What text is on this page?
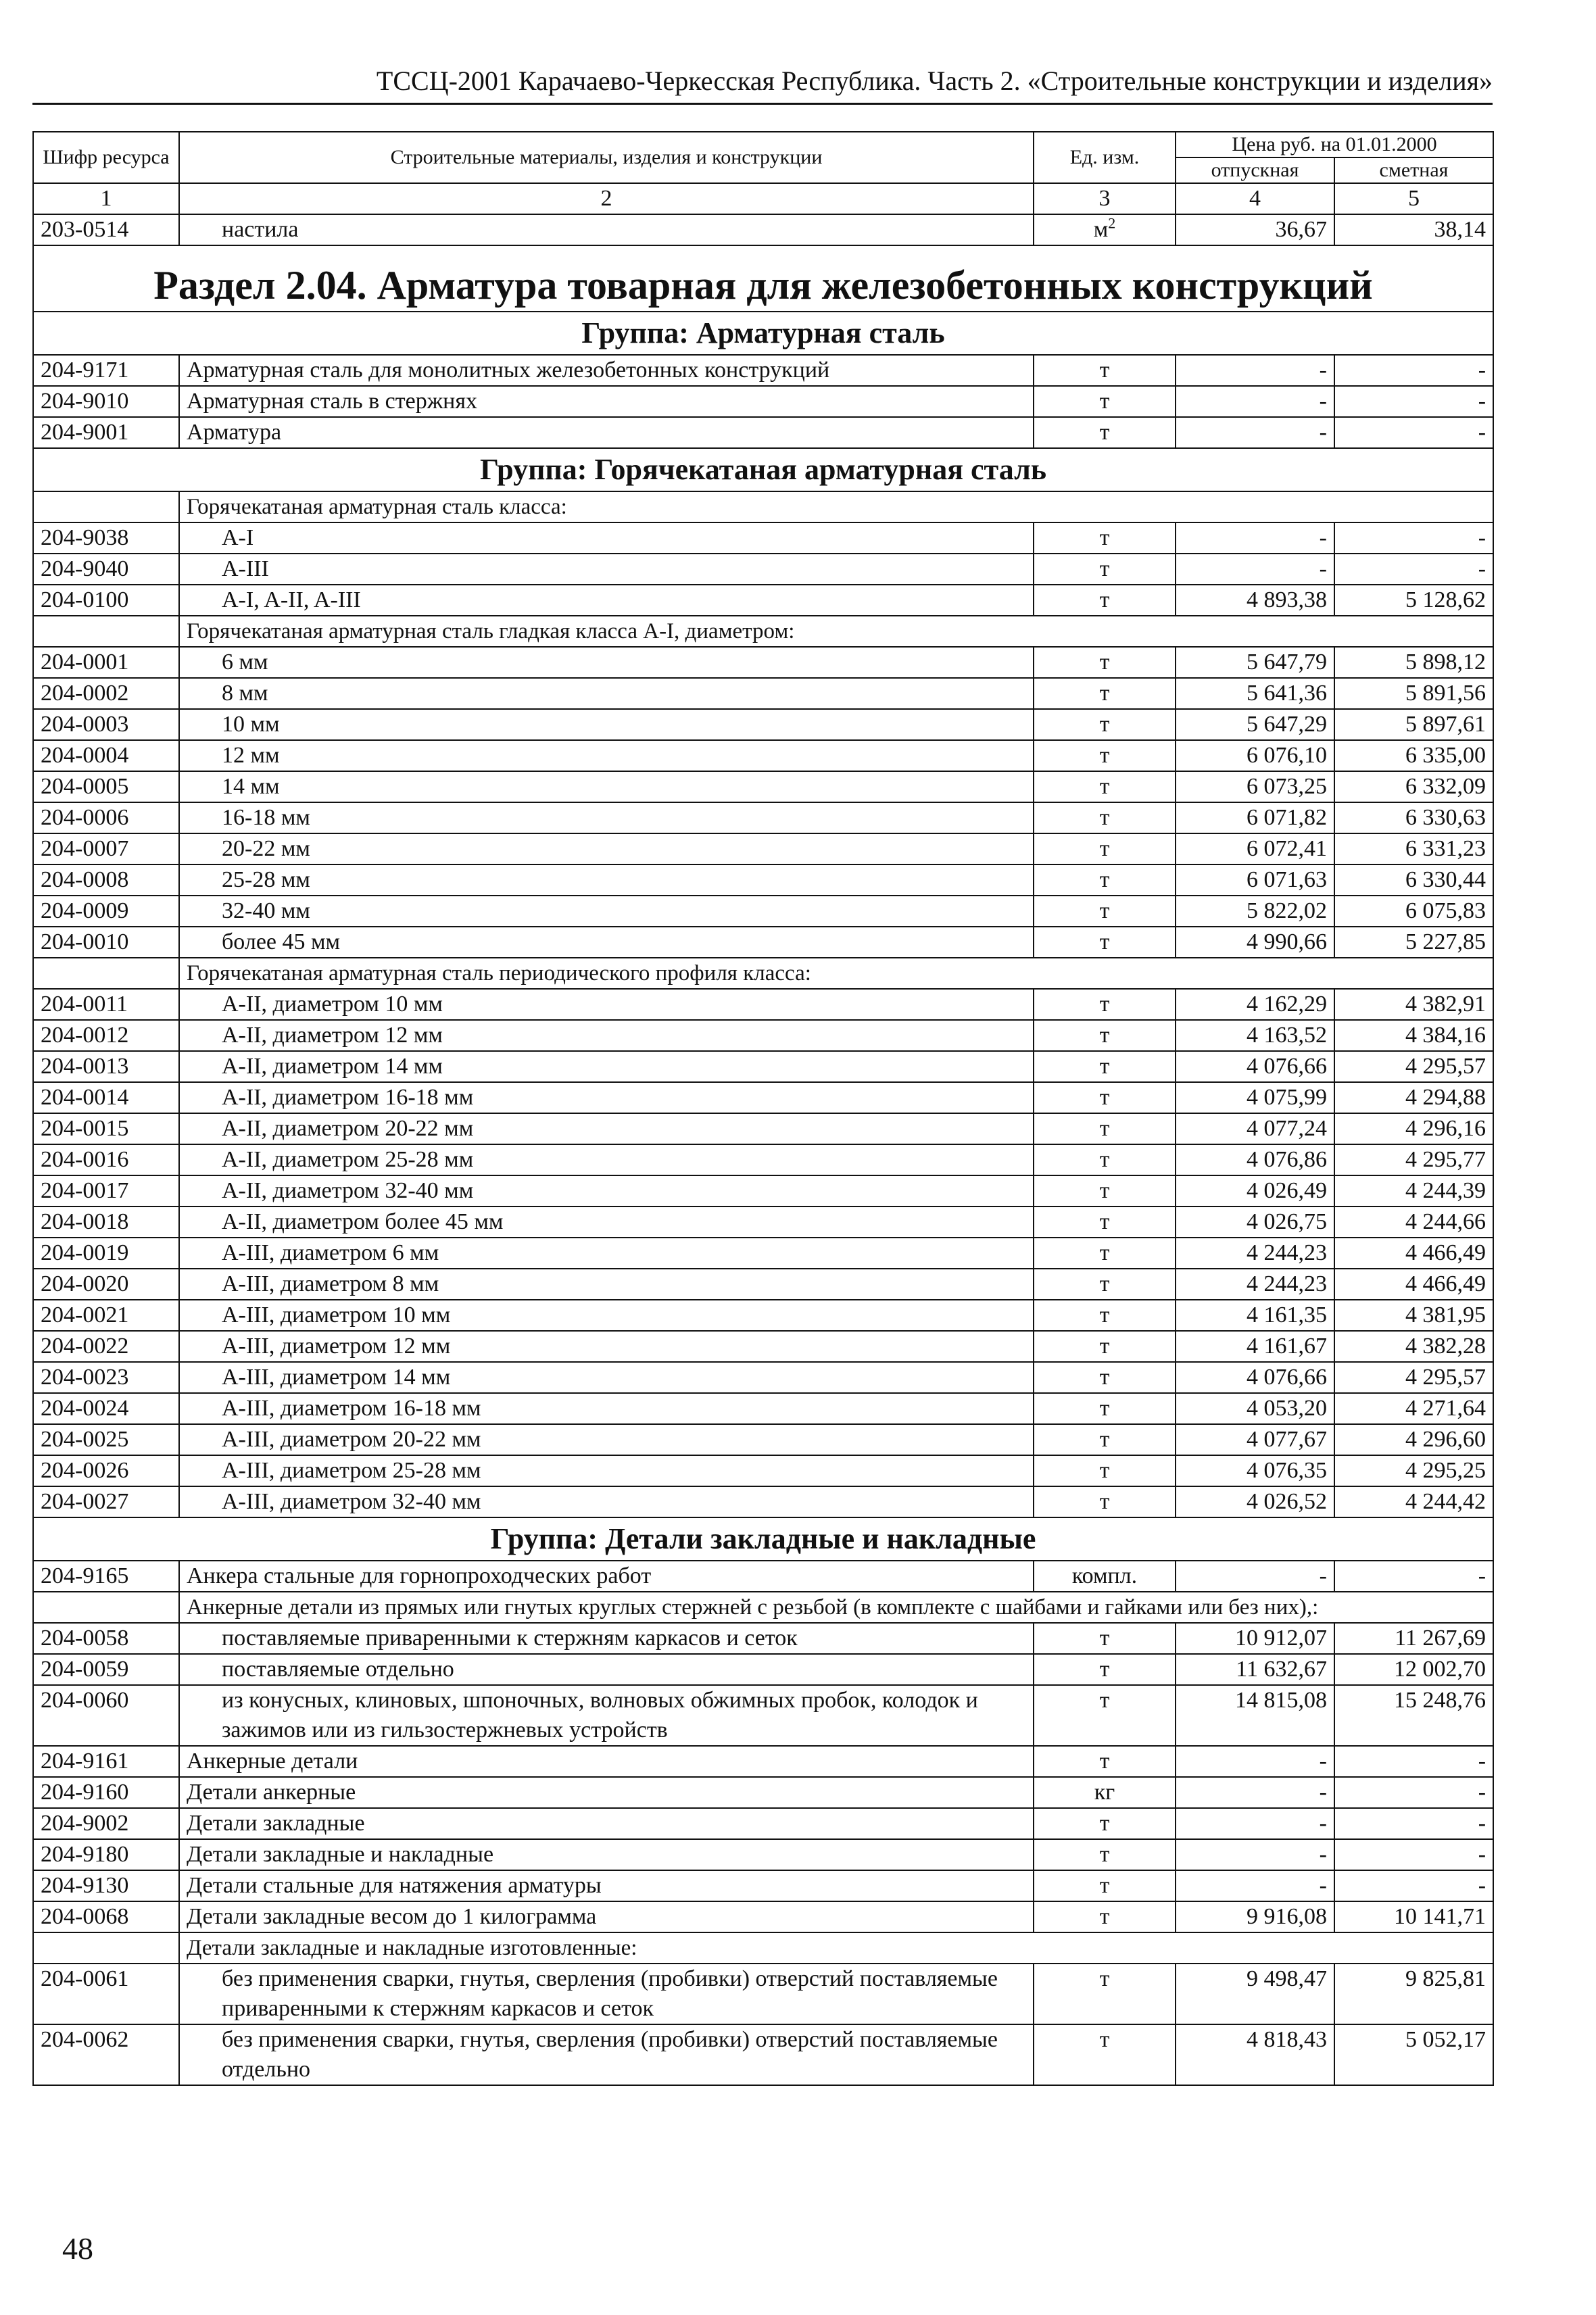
ТССЦ-2001 Карачаево-Черкесская Республика. Часть 2. «Строительные конструкции и изделия»
Шифр ресурса	Строительные материалы, изделия и конструкции	Ед. изм.	Цена руб. на 01.01.2000	
			отпускная	сметная
1	2	3	4	5
203-0514	настила	$м^2$	36,67	38,14
Раздел 2.04. Арматура товарная для железобетонных конструкций				
Группа: Арматурная сталь				
204-9171	Арматурная сталь для монолитных железобетонных конструкций	т	-	-
204-9010	Арматурная сталь в стержнях	т	-	-
204-9001	Арматура	т	-	-
Группа: Горячекатаная арматурная сталь				
	Горячекатаная арматурная сталь класса:			
204-9038	A-I	т	-	-
204-9040	A-III	т	-	-
204-0100	A-I, A-II, A-III	т	4 893,38	5 128,62
	Горячекатаная арматурная сталь гладкая класса A-I, диаметром:			
204-0001	6 мм	т	5 647,79	5 898,12
204-0002	8 мм	т	5 641,36	5 891,56
204-0003	10 мм	т	5 647,29	5 897,61
204-0004	12 мм	т	6 076,10	6 335,00
204-0005	14 мм	т	6 073,25	6 332,09
204-0006	16-18 мм	т	6 071,82	6 330,63
204-0007	20-22 мм	т	6 072,41	6 331,23
204-0008	25-28 мм	т	6 071,63	6 330,44
204-0009	32-40 мм	т	5 822,02	6 075,83
204-0010	более 45 мм	т	4 990,66	5 227,85
	Горячекатаная арматурная сталь периодического профиля класса:			
204-0011	A-II, диаметром 10 мм	т	4 162,29	4 382,91
204-0012	A-II, диаметром 12 мм	т	4 163,52	4 384,16
204-0013	A-II, диаметром 14 мм	т	4 076,66	4 295,57
204-0014	A-II, диаметром 16-18 мм	т	4 075,99	4 294,88
204-0015	A-II, диаметром 20-22 мм	т	4 077,24	4 296,16
204-0016	A-II, диаметром 25-28 мм	т	4 076,86	4 295,77
204-0017	A-II, диаметром 32-40 мм	т	4 026,49	4 244,39
204-0018	A-II, диаметром более 45 мм	т	4 026,75	4 244,66
204-0019	A-III, диаметром 6 мм	т	4 244,23	4 466,49
204-0020	A-III, диаметром 8 мм	т	4 244,23	4 466,49
204-0021	A-III, диаметром 10 мм	т	4 161,35	4 381,95
204-0022	A-III, диаметром 12 мм	т	4 161,67	4 382,28
204-0023	A-III, диаметром 14 мм	т	4 076,66	4 295,57
204-0024	A-III, диаметром 16-18 мм	т	4 053,20	4 271,64
204-0025	A-III, диаметром 20-22 мм	т	4 077,67	4 296,60
204-0026	A-III, диаметром 25-28 мм	т	4 076,35	4 295,25
204-0027	A-III, диаметром 32-40 мм	т	4 026,52	4 244,42
Группа: Детали закладные и накладные				
204-9165	Анкера стальные для горнопроходческих работ	компл.	-	-
	Анкерные детали из прямых или гнутых круглых стержней с резьбой (в комплекте с шайбами и гайками или без них),:			
204-0058	поставляемые приваренными к стержням каркасов и сеток	т	10 912,07	11 267,69
204-0059	поставляемые отдельно	т	11 632,67	12 002,70
204-0060	из конусных, клиновых, шпоночных, волновых обжимных пробок, колодок и зажимов или из гильзостержневых устройств	т	14 815,08	15 248,76
204-9161	Анкерные детали	т	-	-
204-9160	Детали анкерные	кг	-	-
204-9002	Детали закладные	т	-	-
204-9180	Детали закладные и накладные	т	-	-
204-9130	Детали стальные для натяжения арматуры	т	-	-
204-0068	Детали закладные весом до 1 килограмма	т	9 916,08	10 141,71
	Детали закладные и накладные изготовленные:			
204-0061	без применения сварки, гнутья, сверления (пробивки) отверстий поставляемые приваренными к стержням каркасов и сеток	т	9 498,47	9 825,81
204-0062	без применения сварки, гнутья, сверления (пробивки) отверстий поставляемые отдельно	т	4 818,43	5 052,17
48
